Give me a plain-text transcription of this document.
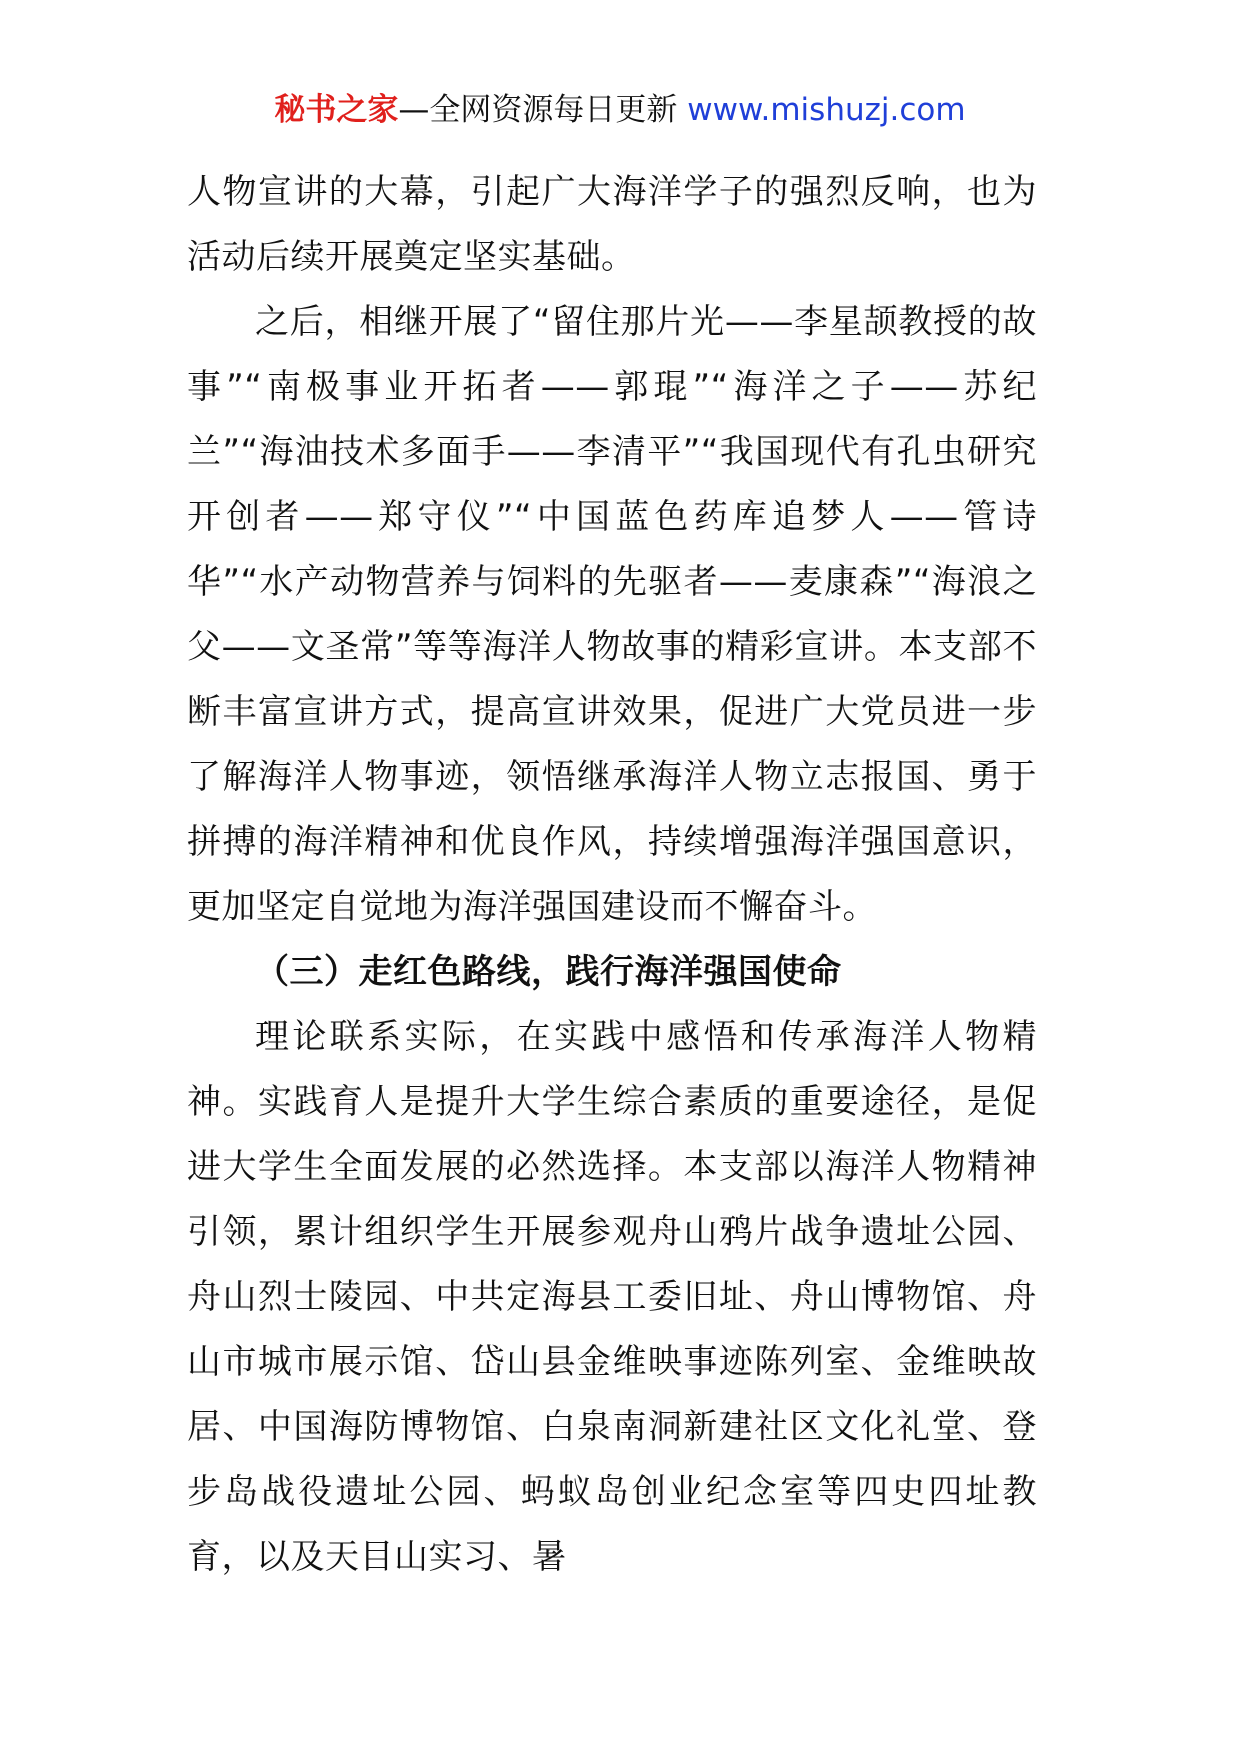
秘书之家—全网资源每日更新 www.mishuzj.com

人物宣讲的大幕，引起广大海洋学子的强烈反响，也为活动后续开展奠定坚实基础。

之后，相继开展了“留住那片光——李星颉教授的故事”“南极事业开拓者——郭琨”“海洋之子——苏纪兰”“海油技术多面手——李清平”“我国现代有孔虫研究开创者——郑守仪”“中国蓝色药库追梦人——管诗华”“水产动物营养与饲料的先驱者——麦康森”“海浪之父——文圣常”等等海洋人物故事的精彩宣讲。本支部不断丰富宣讲方式，提高宣讲效果，促进广大党员进一步了解海洋人物事迹，领悟继承海洋人物立志报国、勇于拼搏的海洋精神和优良作风，持续增强海洋强国意识，更加坚定自觉地为海洋强国建设而不懈奋斗。

（三）走红色路线，践行海洋强国使命

理论联系实际，在实践中感悟和传承海洋人物精神。实践育人是提升大学生综合素质的重要途径，是促进大学生全面发展的必然选择。本支部以海洋人物精神引领，累计组织学生开展参观舟山鸦片战争遗址公园、舟山烈士陵园、中共定海县工委旧址、舟山博物馆、舟山市城市展示馆、岱山县金维映事迹陈列室、金维映故居、中国海防博物馆、白泉南洞新建社区文化礼堂、登步岛战役遗址公园、蚂蚁岛创业纪念室等四史四址教育，以及天目山实习、暑
